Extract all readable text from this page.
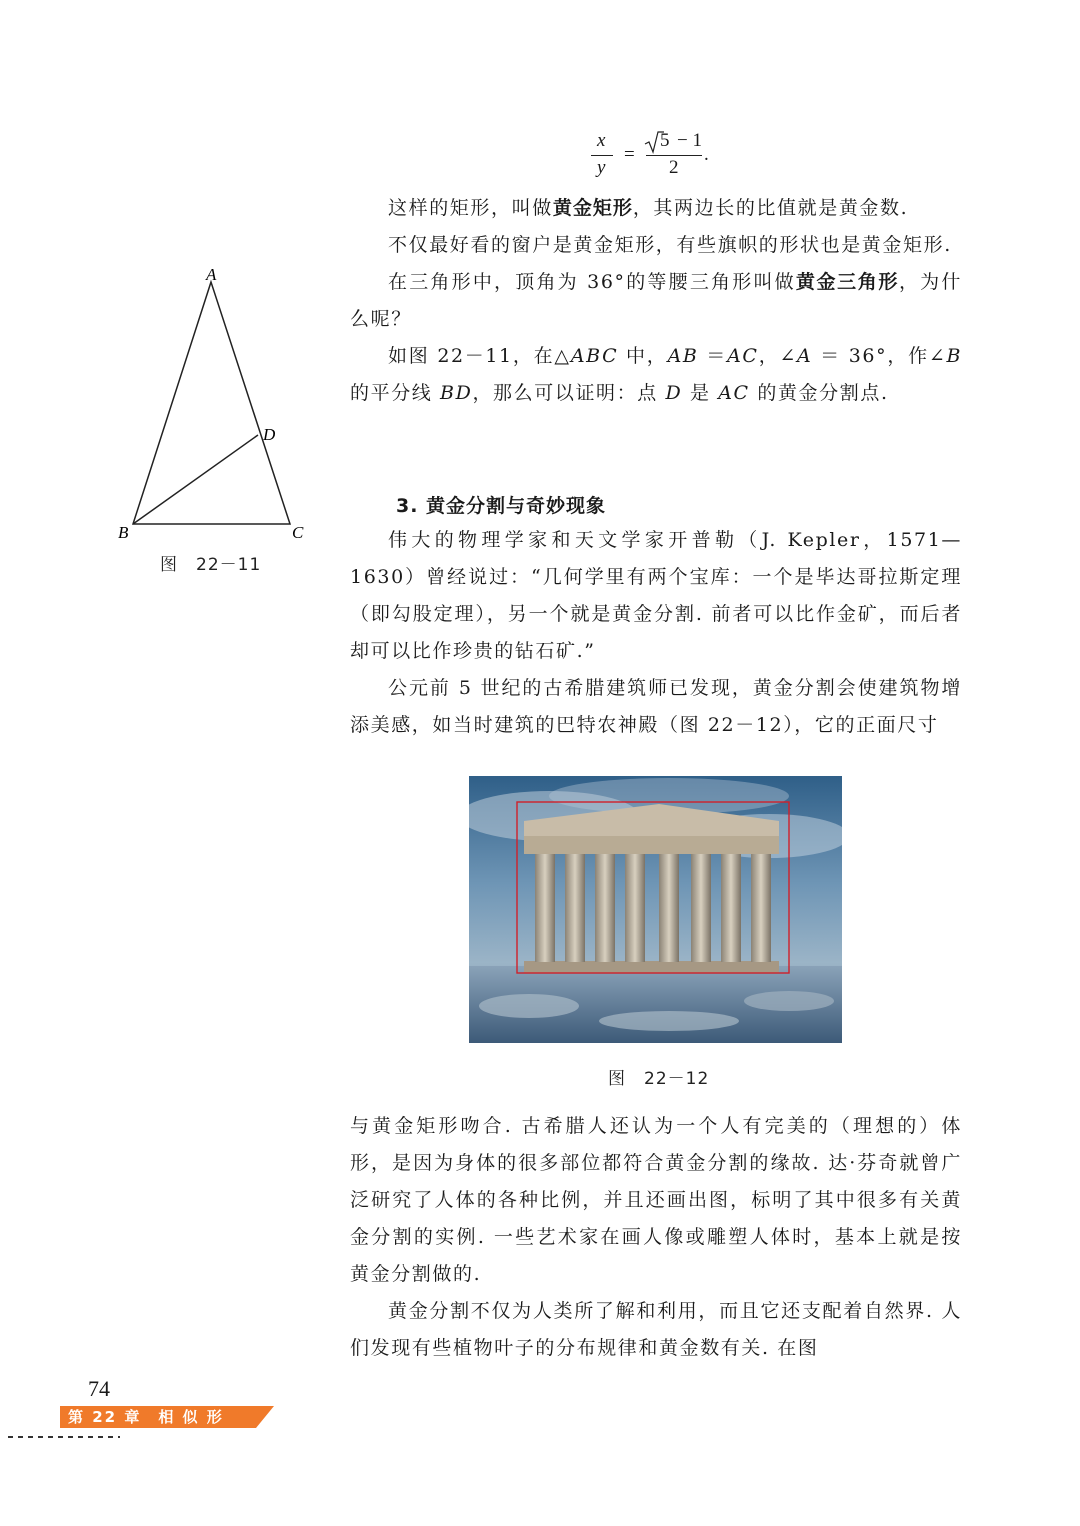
x
y
=
5 − 1
2
.

这样的矩形，叫做黄金矩形，其两边长的比值就是黄金数.

不仅最好看的窗户是黄金矩形，有些旗帜的形状也是黄金矩形.

在三角形中，顶角为 36°的等腰三角形叫做黄金三角形，为什么呢？

如图 22－11，在△ABC 中，AB ＝AC，∠A ＝ 36°，作∠B 的平分线 BD，那么可以证明：点 D 是 AC 的黄金分割点.

A
B	C
D
图　22－11
3. 黄金分割与奇妙现象

伟大的物理学家和天文学家开普勒（J. Kepler，1571—1630）曾经说过：“几何学里有两个宝库：一个是毕达哥拉斯定理（即勾股定理），另一个就是黄金分割. 前者可以比作金矿，而后者却可以比作珍贵的钻石矿.”

公元前 5 世纪的古希腊建筑师已发现，黄金分割会使建筑物增添美感，如当时建筑的巴特农神殿（图 22－12），它的正面尺寸

图　22－12

与黄金矩形吻合. 古希腊人还认为一个人有完美的（理想的）体形，是因为身体的很多部位都符合黄金分割的缘故. 达·芬奇就曾广泛研究了人体的各种比例，并且还画出图，标明了其中很多有关黄金分割的实例. 一些艺术家在画人像或雕塑人体时，基本上就是按黄金分割做的.

黄金分割不仅为人类所了解和利用，而且它还支配着自然界. 人们发现有些植物叶子的分布规律和黄金数有关. 在图

74
第 22 章　相 似 形
